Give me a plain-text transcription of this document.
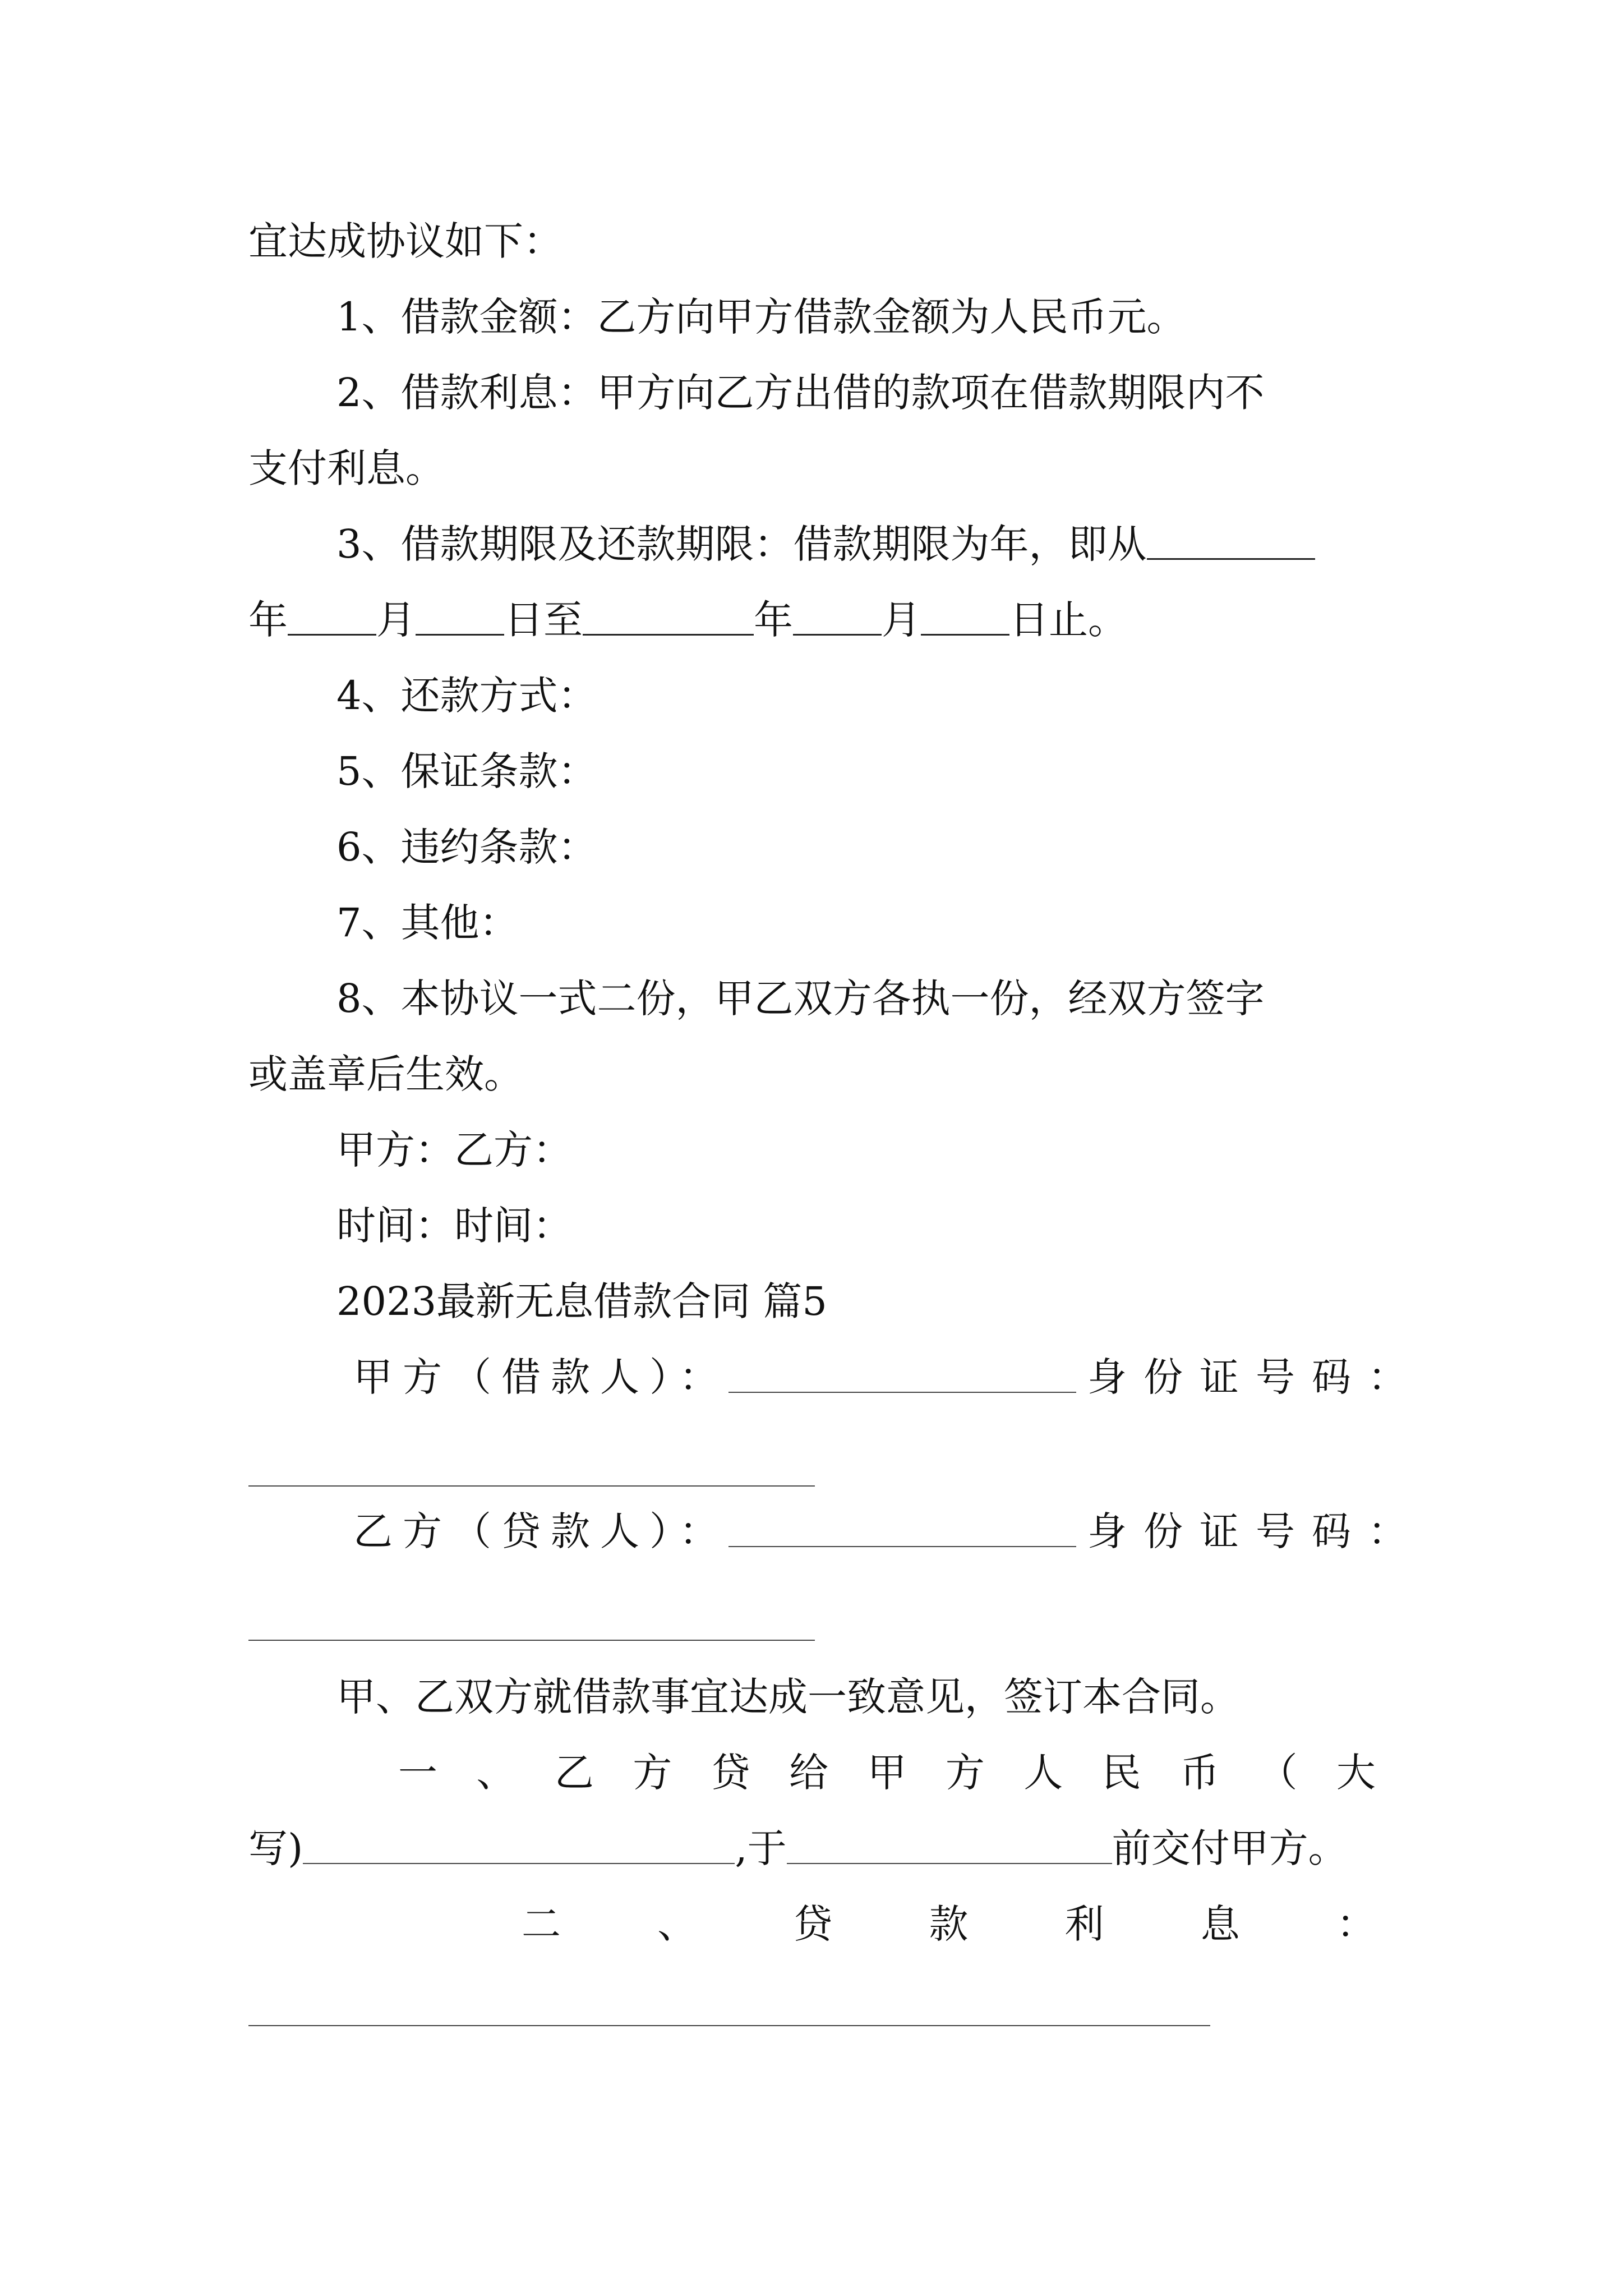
宜达成协议如下：

1、借款金额：乙方向甲方借款金额为人民币元。

2、借款利息：甲方向乙方出借的款项在借款期限内不

支付利息。

3、借款期限及还款期限：借款期限为年，即从

年 月 日至	年 月 日止。

4、还款方式：

5、保证条款：

6、违约条款：

7、其他：

8、本协议一式二份，甲乙双方各执一份，经双方签字

或盖章后生效。

甲方：乙方：

时间：时间：

2023最新无息借款合同 篇5

甲方（借款人）：	身份证号码：

乙方（贷款人）：	身份证号码：

甲、乙双方就借款事宜达成一致意见，签订本合同。

一 、 乙 方 贷 给 甲 方 人 民 币 （ 大

写)	,于	前交付甲方。

二 、 贷 款 利 息 ：
